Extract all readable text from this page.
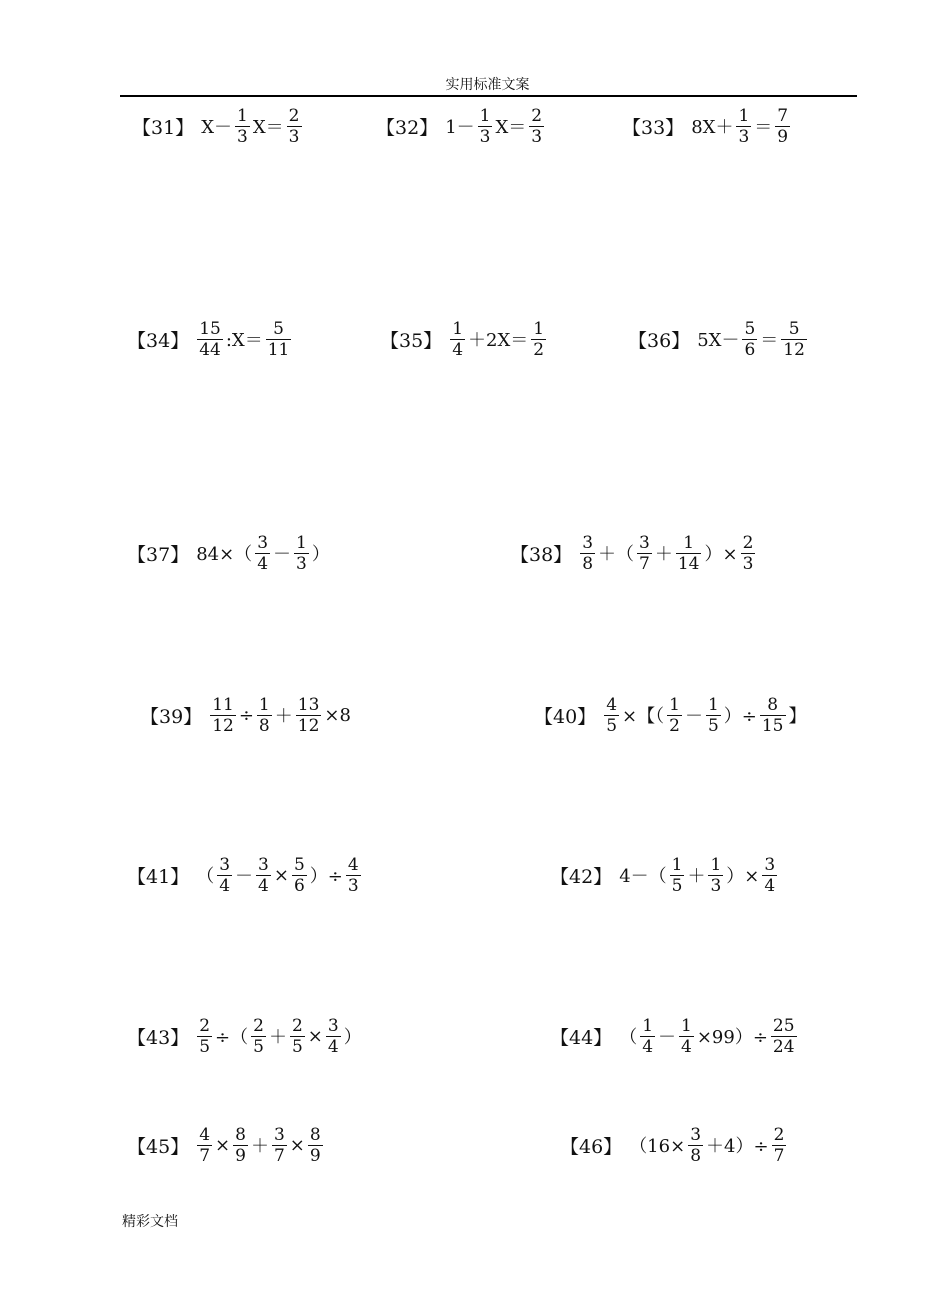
实用标准文案
【31】 $X- \frac{1}{3} X= \frac{2}{3}$	【32】 $1- \frac{1}{3} X= \frac{2}{3}$	【33】 $8X+ \frac{1}{3} = \frac{7}{9}$
【34】 $\frac{15}{44}$ :X＝ $\frac{5}{11}$	【35】 $\frac{1}{4} +2X= \frac{1}{2}$	【36】 $5X- \frac{5}{6} = \frac{5}{12}$
【37】 $84\times( \frac{3}{4} - \frac{1}{3}$ ）	【38】 $\frac{3}{8}$ ＋（ $\frac{3}{7} + \frac{1}{14}$ ）× $\frac{2}{3}$
【39】 $\frac{11}{12} \div \frac{1}{8} + \frac{13}{12} \times 8$	【40】 $\frac{4}{5}$ ×【（ $\frac{1}{2} - \frac{1}{5}$ ）÷ $\frac{8}{15}$ 】
【41】 （ $\frac{3}{4} - \frac{3}{4} \times \frac{5}{6}$ ）÷ $\frac{4}{3}$	【42】 $4-( \frac{1}{5} + \frac{1}{3}$ ）× $\frac{3}{4}$
【43】 $\frac{2}{5}$ ÷（ $\frac{2}{5} + \frac{2}{5} \times \frac{3}{4}$ ）	【44】 （ $\frac{1}{4} - \frac{1}{4} \times 99)\div \frac{25}{24}$
【45】 $\frac{4}{7} \times \frac{8}{9} + \frac{3}{7} \times \frac{8}{9}$	【46】 $(16\times \frac{3}{8} +4)\div \frac{2}{7}$
精彩文档
